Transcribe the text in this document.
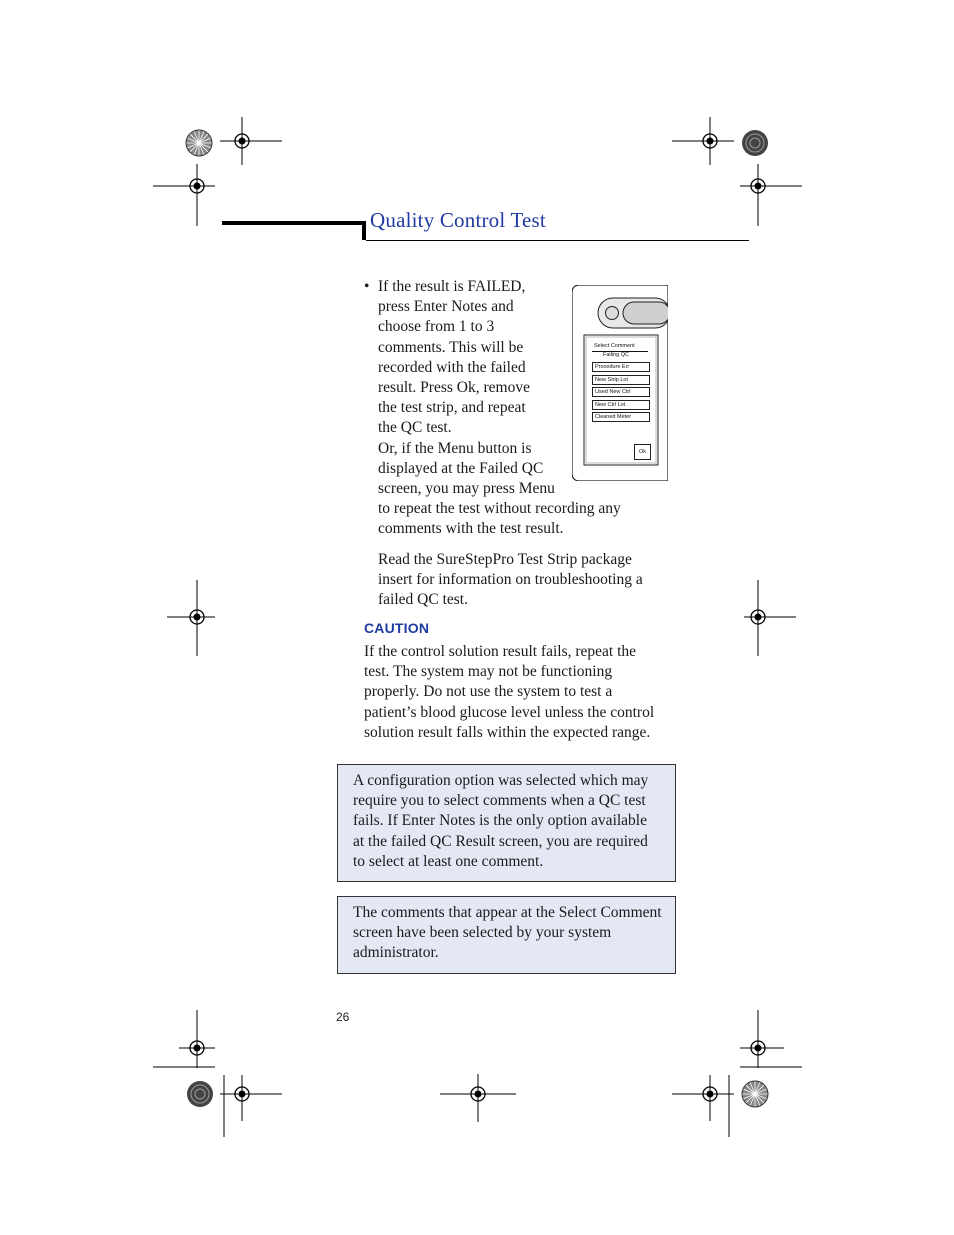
Quality Control Test
• If the result is FAILED,
press Enter Notes and
choose from 1 to 3
comments. This will be
recorded with the failed
result. Press Ok, remove
the test strip, and repeat
the QC test.
Or, if the Menu button is
displayed at the Failed QC
screen, you may press Menu
to repeat the test without recording any
comments with the test result.
Select Comment
Failing QC
Procedure Err
New Strip Lot
Used New Ctrl
New Ctrl Lot
Cleaned Meter
Ok
Read the SureStepPro Test Strip package
insert for information on troubleshooting a
failed QC test.
CAUTION
If the control solution result fails, repeat the
test. The system may not be functioning
properly. Do not use the system to test a
patient’s blood glucose level unless the control
solution result falls within the expected range.
A configuration option was selected which may
require you to select comments when a QC test
fails. If Enter Notes is the only option available
at the failed QC Result screen, you are required
to select at least one comment.
The comments that appear at the Select Comment
screen have been selected by your system
administrator.
26
